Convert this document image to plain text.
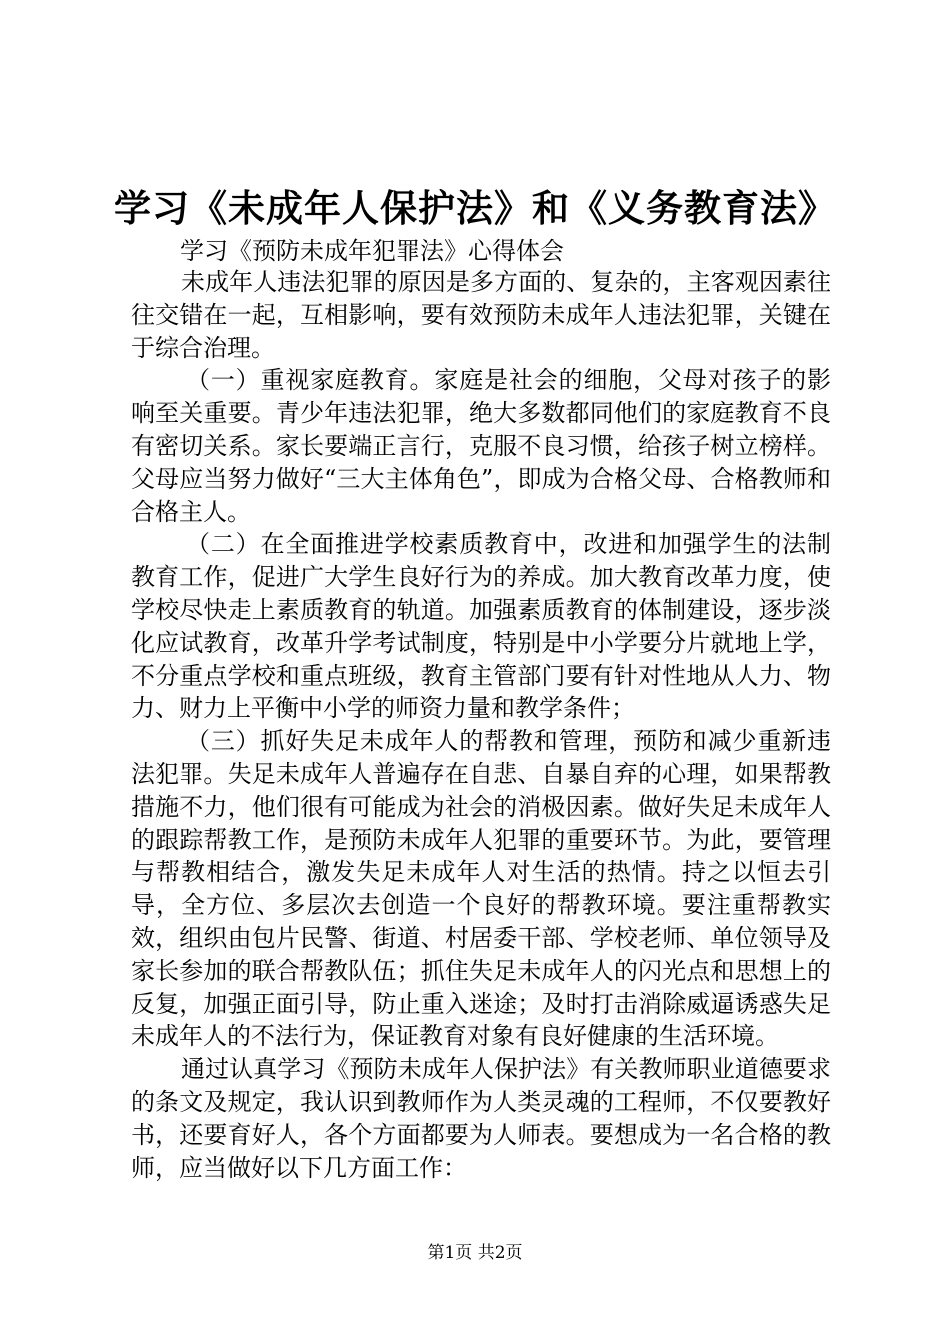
学习《未成年人保护法》和《义务教育法》
学习《预防未成年犯罪法》心得体会

未成年人违法犯罪的原因是多方面的、复杂的，主客观因素往往交错在一起，互相影响，要有效预防未成年人违法犯罪，关键在于综合治理。

（一）重视家庭教育。家庭是社会的细胞，父母对孩子的影响至关重要。青少年违法犯罪，绝大多数都同他们的家庭教育不良有密切关系。家长要端正言行，克服不良习惯，给孩子树立榜样。父母应当努力做好“三大主体角色”，即成为合格父母、合格教师和合格主人。

（二）在全面推进学校素质教育中，改进和加强学生的法制教育工作，促进广大学生良好行为的养成。加大教育改革力度，使学校尽快走上素质教育的轨道。加强素质教育的体制建设，逐步淡化应试教育，改革升学考试制度，特别是中小学要分片就地上学，不分重点学校和重点班级，教育主管部门要有针对性地从人力、物力、财力上平衡中小学的师资力量和教学条件；

（三）抓好失足未成年人的帮教和管理，预防和减少重新违法犯罪。失足未成年人普遍存在自悲、自暴自弃的心理，如果帮教措施不力，他们很有可能成为社会的消极因素。做好失足未成年人的跟踪帮教工作，是预防未成年人犯罪的重要环节。为此，要管理与帮教相结合，激发失足未成年人对生活的热情。持之以恒去引导，全方位、多层次去创造一个良好的帮教环境。要注重帮教实效，组织由包片民警、街道、村居委干部、学校老师、单位领导及家长参加的联合帮教队伍；抓住失足未成年人的闪光点和思想上的反复，加强正面引导，防止重入迷途；及时打击消除威逼诱惑失足未成年人的不法行为，保证教育对象有良好健康的生活环境。

通过认真学习《预防未成年人保护法》有关教师职业道德要求的条文及规定，我认识到教师作为人类灵魂的工程师，不仅要教好书，还要育好人，各个方面都要为人师表。要想成为一名合格的教师，应当做好以下几方面工作：

第1页 共2页
